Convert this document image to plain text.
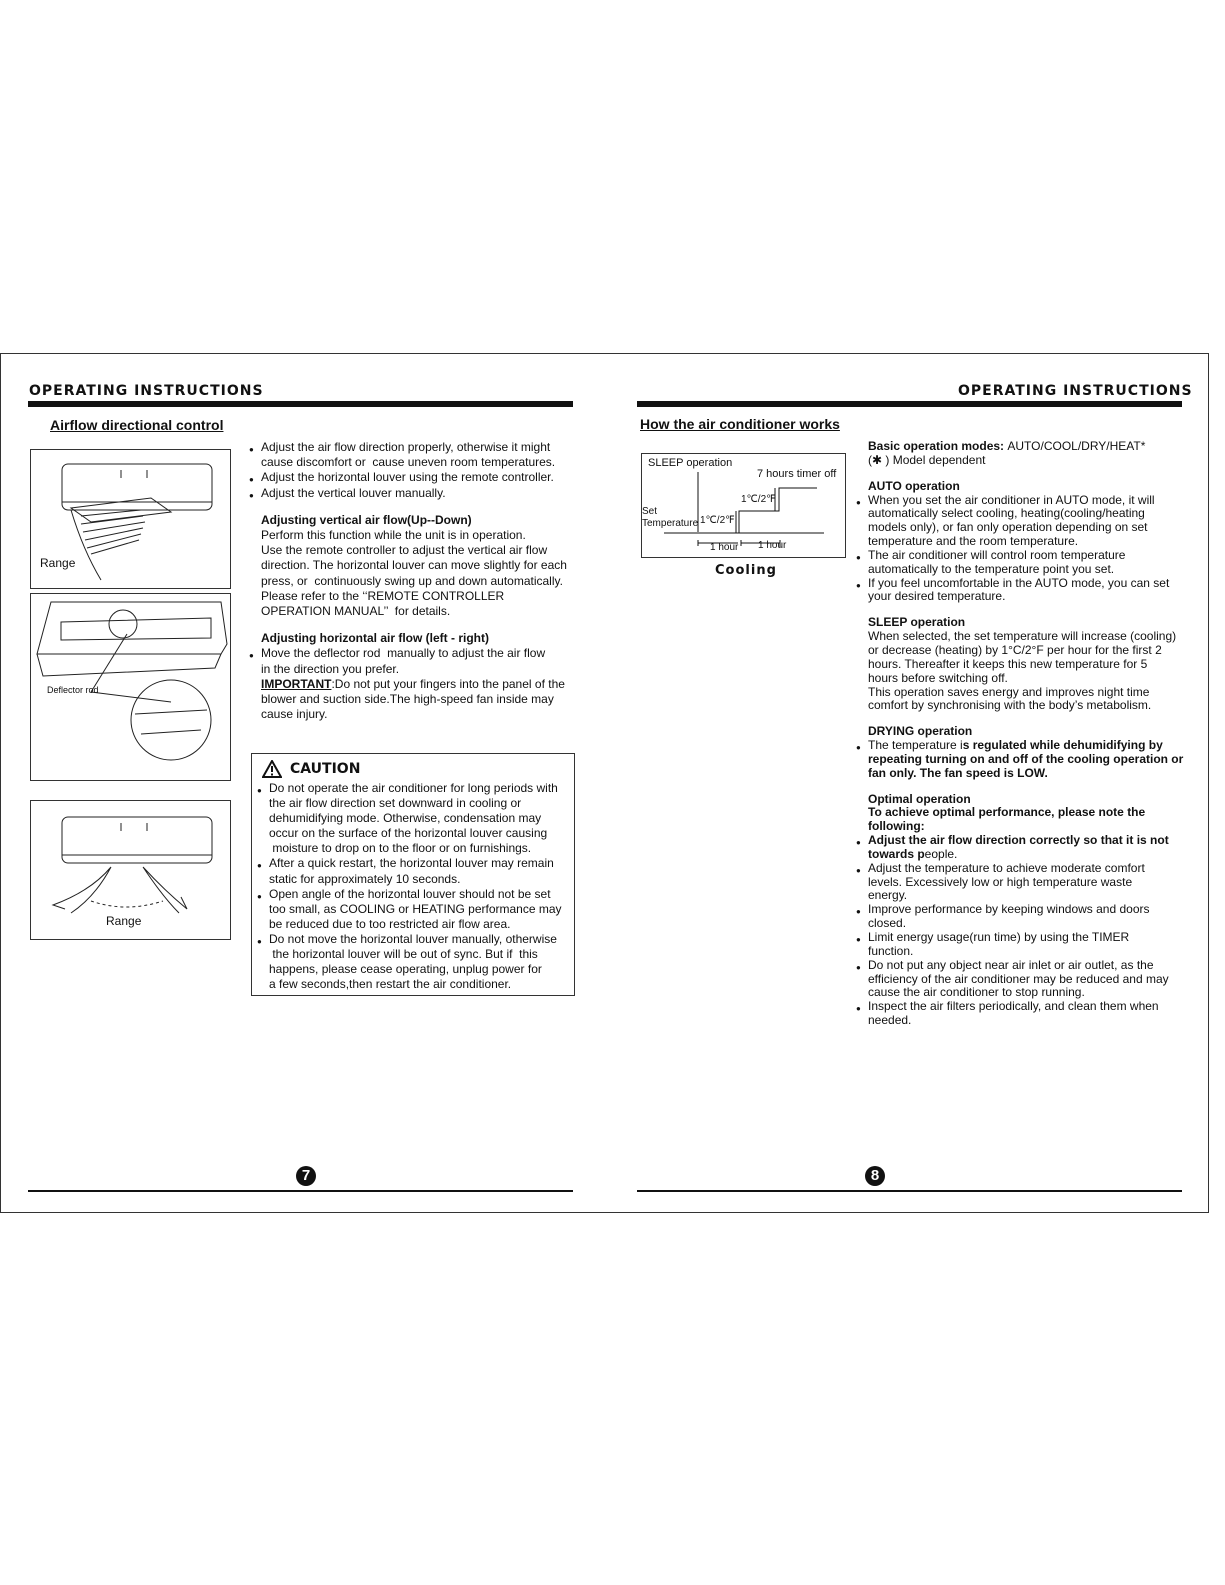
OPERATING INSTRUCTIONS	OPERATING INSTRUCTIONS
Airflow directional control	How the air conditioner works
Range
Deflector rod
Range
● Adjust the air flow direction properly, otherwise it might
cause discomfort or  cause uneven room temperatures.
● Adjust the horizontal louver using the remote controller.
● Adjust the vertical louver manually.
Adjusting vertical air flow(Up--Down)
Perform this function while the unit is in operation.
Use the remote controller to adjust the vertical air flow
direction. The horizontal louver can move slightly for each
press, or  continuously swing up and down automatically.
Please refer to the ‘‘REMOTE CONTROLLER
OPERATION MANUAL’’  for details.
Adjusting horizontal air flow (left - right)
● Move the deflector rod  manually to adjust the air flow
in the direction you prefer.
IMPORTANT:Do not put your fingers into the panel of the
blower and suction side.The high-speed fan inside may
cause injury.
CAUTION
● Do not operate the air conditioner for long periods with
the air flow direction set downward in cooling or
dehumidifying mode. Otherwise, condensation may
occur on the surface of the horizontal louver causing
moisture to drop on to the floor or on furnishings.
● After a quick restart, the horizontal louver may remain
static for approximately 10 seconds.
● Open angle of the horizontal louver should not be set
too small, as COOLING or HEATING performance may
be reduced due to too restricted air flow area.
● Do not move the horizontal louver manually, otherwise
the horizontal louver will be out of sync. But if  this
happens, please cease operating, unplug power for
a few seconds,then restart the air conditioner.
SLEEP operation
7 hours timer off
Set
Temperature 1℃/2℉
1℃/2℉
1 hour 1 hour
Cooling
Basic operation modes: AUTO/COOL/DRY/HEAT*
(✱ ) Model dependent
AUTO operation
● When you set the air conditioner in AUTO mode, it will
automatically select cooling, heating(cooling/heating
models only), or fan only operation depending on set
temperature and the room temperature.
● The air conditioner will control room temperature
automatically to the temperature point you set.
● If you feel uncomfortable in the AUTO mode, you can set
your desired temperature.
SLEEP operation
When selected, the set temperature will increase (cooling)
or decrease (heating) by 1°C/2°F per hour for the first 2
hours. Thereafter it keeps this new temperature for 5
hours before switching off.
This operation saves energy and improves night time
comfort by synchronising with the body’s metabolism.
DRYING operation
● The temperature is regulated while dehumidifying by
repeating turning on and off of the cooling operation or
fan only. The fan speed is LOW.
Optimal operation
To achieve optimal performance, please note the
following:
● Adjust the air flow direction correctly so that it is not
towards people.
● Adjust the temperature to achieve moderate comfort
levels. Excessively low or high temperature waste
energy.
● Improve performance by keeping windows and doors
closed.
● Limit energy usage(run time) by using the TIMER
function.
● Do not put any object near air inlet or air outlet, as the
efficiency of the air conditioner may be reduced and may
cause the air conditioner to stop running.
● Inspect the air filters periodically, and clean them when
needed.
7	8
